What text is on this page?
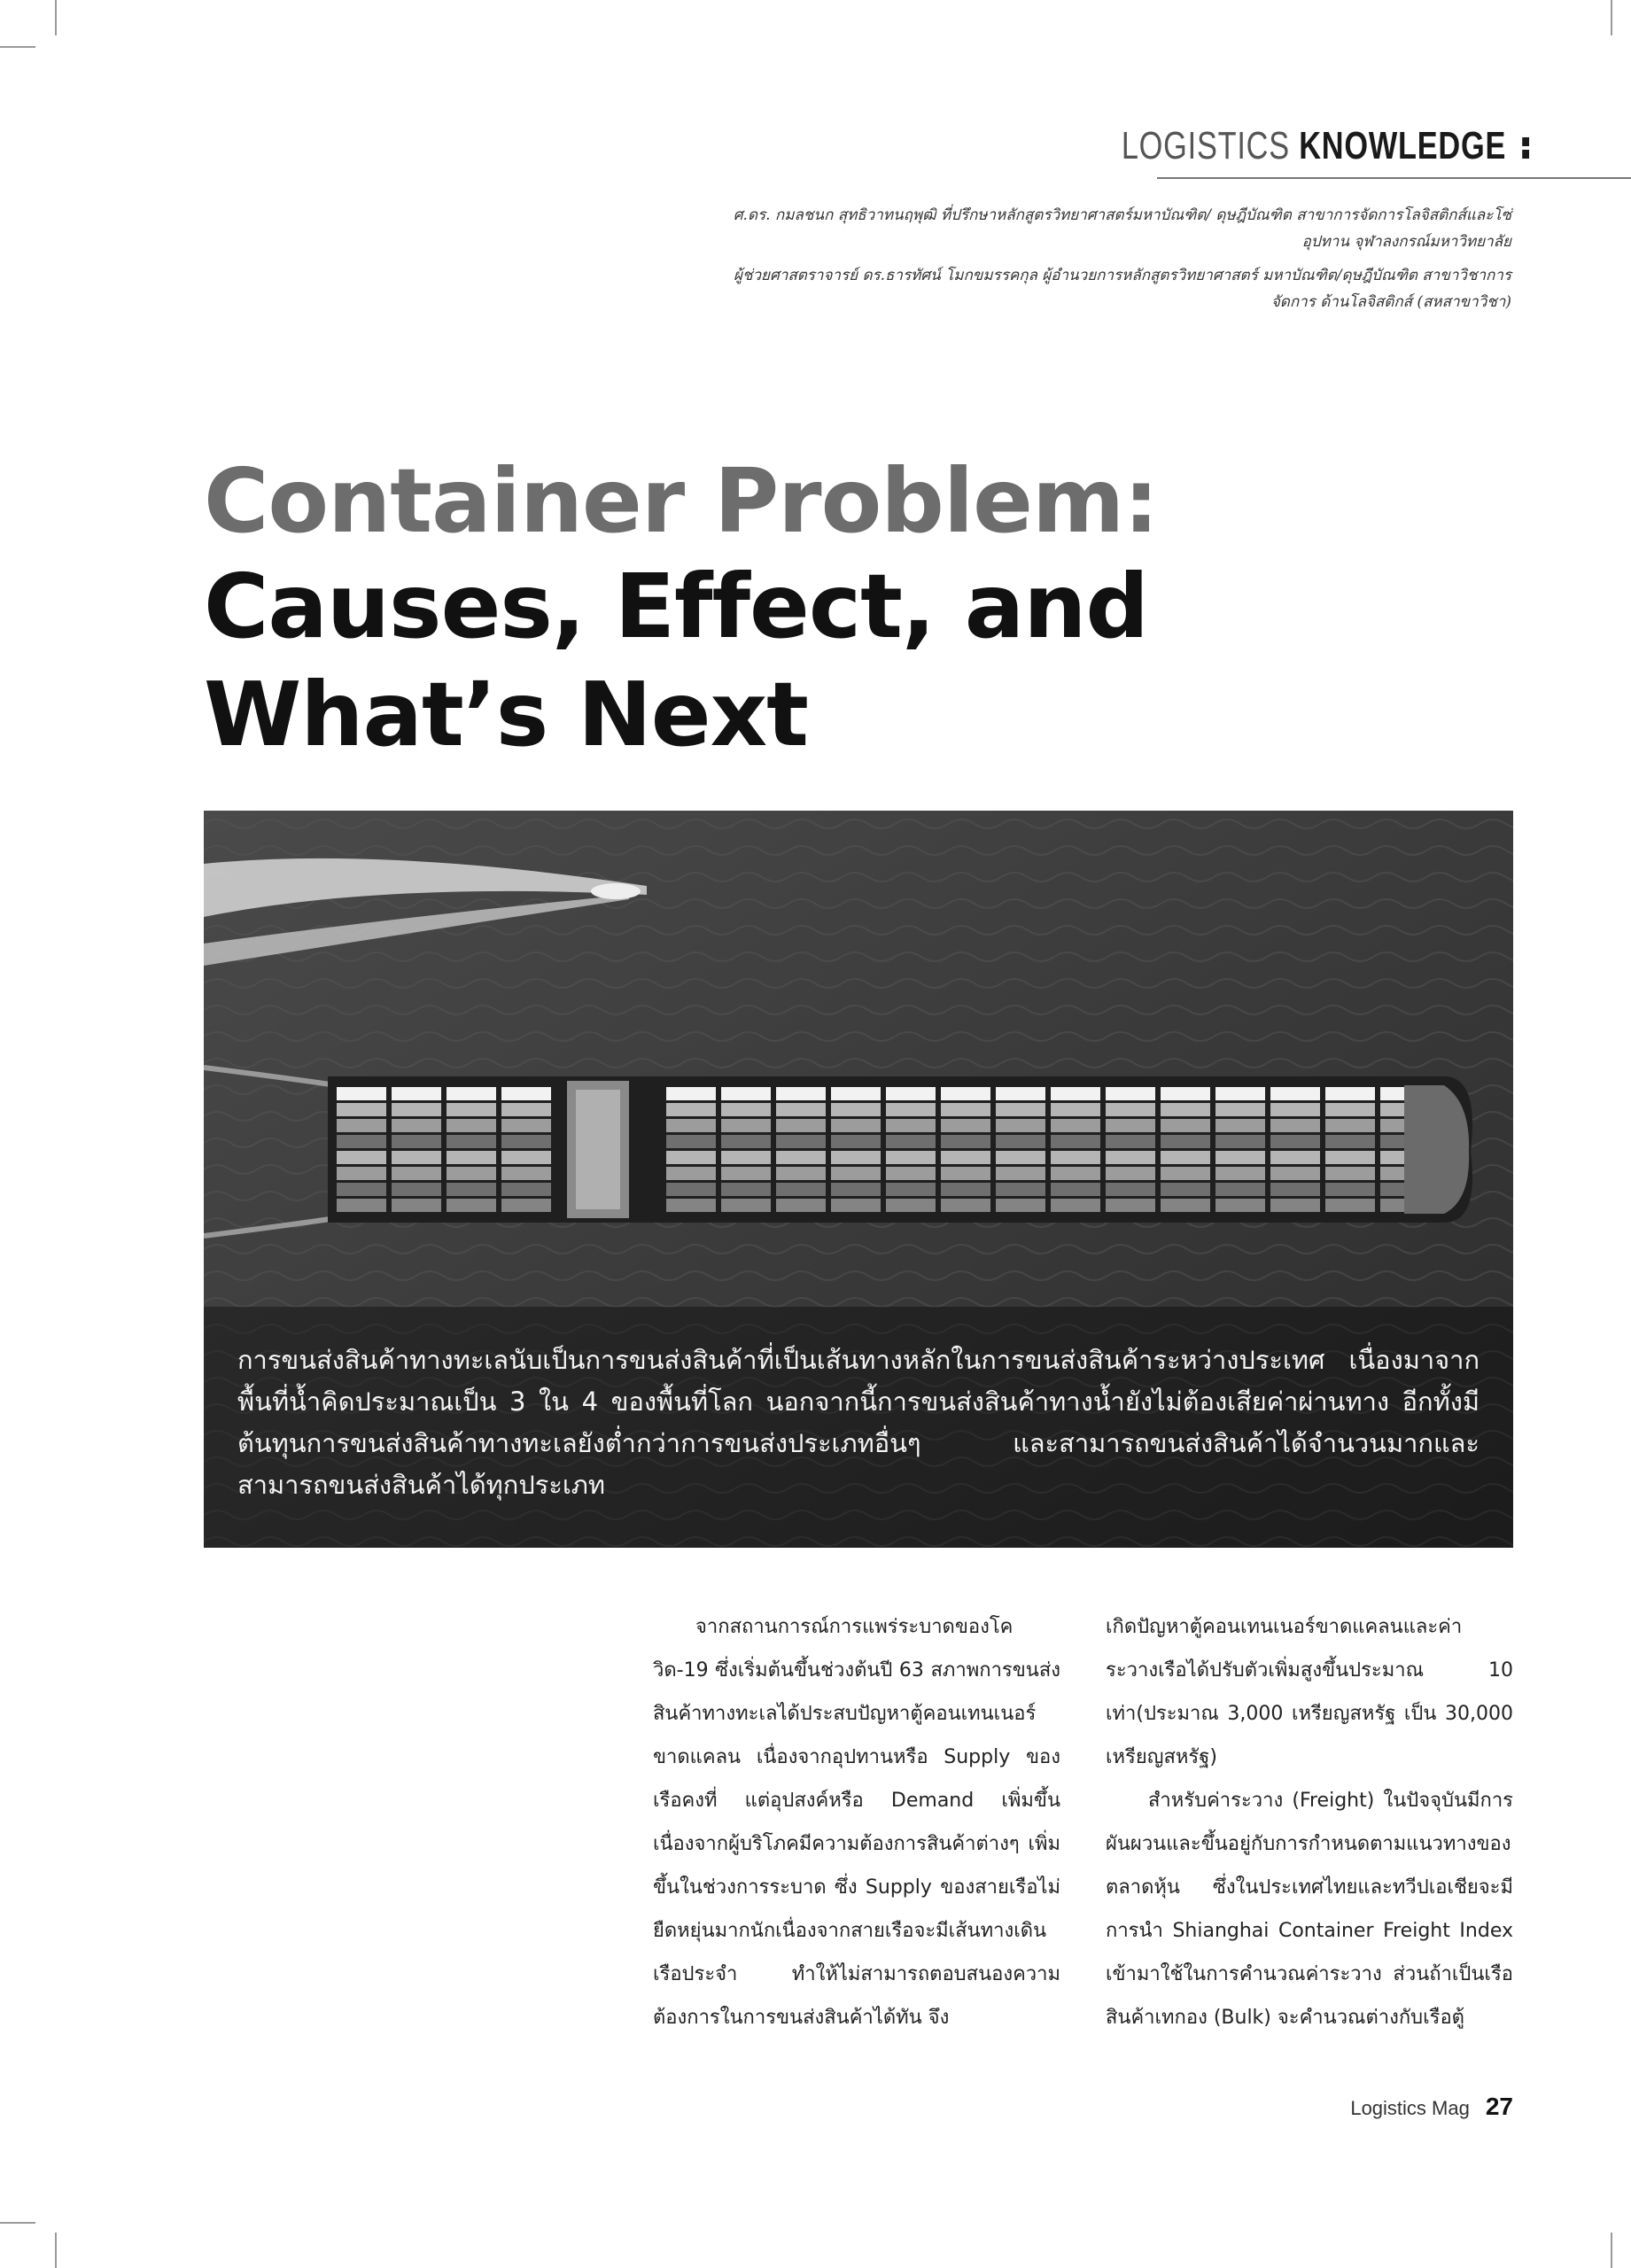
LOGISTICS KNOWLEDGE

ศ.ดร. กมลชนก สุทธิวาทนฤพุฒิ ที่ปรึกษาหลักสูตรวิทยาศาสตร์มหาบัณฑิต/ ดุษฎีบัณฑิต สาขาการจัดการโลจิสติกส์และโซ่อุปทาน จุฬาลงกรณ์มหาวิทยาลัย

ผู้ช่วยศาสตราจารย์ ดร.ธารทัศน์ โมกขมรรคกุล ผู้อำนวยการหลักสูตรวิทยาศาสตร์ มหาบัณฑิต/ดุษฎีบัณฑิต สาขาวิชาการจัดการ ด้านโลจิสติกส์ (สหสาขาวิชา)

Container Problem:
Causes, Effect, and
What’s Next
การขนส่งสินค้าทางทะเลนับเป็นการขนส่งสินค้าที่เป็นเส้นทางหลักในการขนส่งสินค้าระหว่างประเทศ เนื่องมาจากพื้นที่น้ำคิดประมาณเป็น 3 ใน 4 ของพื้นที่โลก นอกจากนี้การขนส่งสินค้าทางน้ำยังไม่ต้องเสียค่าผ่านทาง อีกทั้งมีต้นทุนการขนส่งสินค้าทางทะเลยังต่ำกว่าการขนส่งประเภทอื่นๆ และสามารถขนส่งสินค้าได้จำนวนมากและสามารถขนส่งสินค้าได้ทุกประเภท

จากสถานการณ์การแพร่ระบาดของโควิด-19 ซึ่งเริ่มต้นขึ้นช่วงต้นปี 63 สภาพการขนส่งสินค้าทางทะเลได้ประสบปัญหาตู้คอนเทนเนอร์ขาดแคลน เนื่องจากอุปทานหรือ Supply ของเรือคงที่ แต่อุปสงค์หรือ Demand เพิ่มขึ้นเนื่องจากผู้บริโภคมีความต้องการสินค้าต่างๆ เพิ่มขึ้นในช่วงการระบาด ซึ่ง Supply ของสายเรือไม่ยืดหยุ่นมากนักเนื่องจากสายเรือจะมีเส้นทางเดินเรือประจำ ทำให้ไม่สามารถตอบสนองความต้องการในการขนส่งสินค้าได้ทัน จึง

เกิดปัญหาตู้คอนเทนเนอร์ขาดแคลนและค่าระวางเรือได้ปรับตัวเพิ่มสูงขึ้นประมาณ 10 เท่า(ประมาณ 3,000 เหรียญสหรัฐ เป็น 30,000 เหรียญสหรัฐ)

สำหรับค่าระวาง (Freight) ในปัจจุบันมีการผันผวนและขึ้นอยู่กับการกำหนดตามแนวทางของตลาดหุ้น ซึ่งในประเทศไทยและทวีปเอเชียจะมีการนำ Shianghai Container Freight Index เข้ามาใช้ในการคำนวณค่าระวาง ส่วนถ้าเป็นเรือสินค้าเทกอง (Bulk) จะคำนวณต่างกับเรือตู้

Logistics Mag 27
